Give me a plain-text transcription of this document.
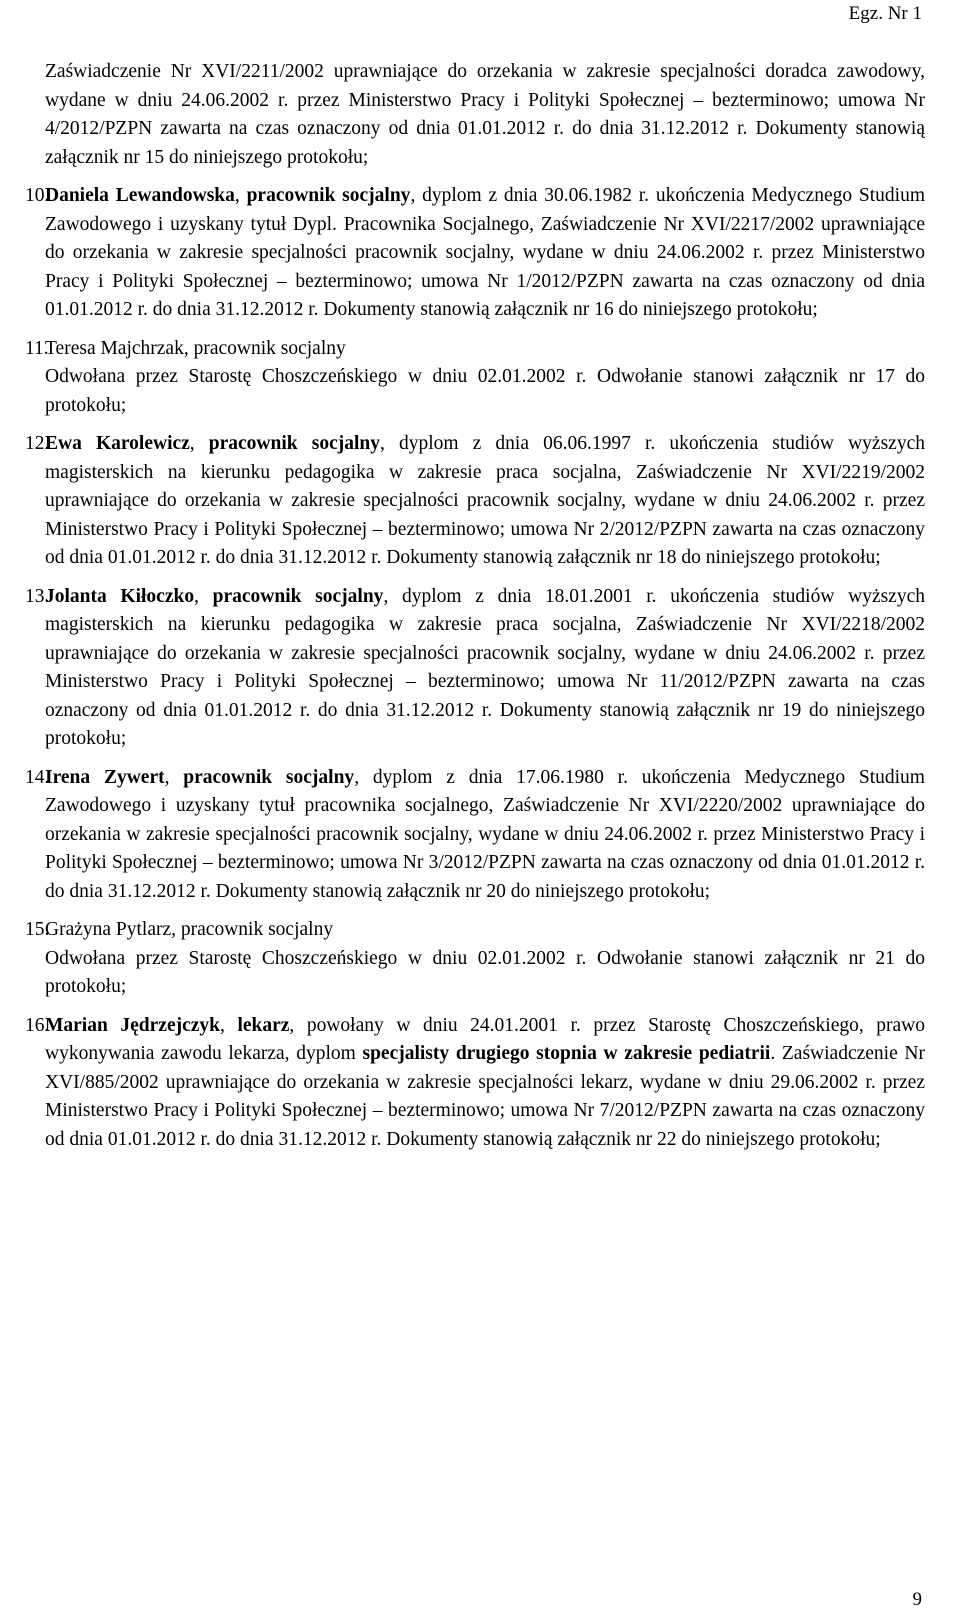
Egz. Nr 1

Zaświadczenie Nr XVI/2211/2002 uprawniające do orzekania w zakresie specjalności doradca zawodowy, wydane w dniu 24.06.2002 r. przez Ministerstwo Pracy i Polityki Społecznej – bezterminowo; umowa Nr 4/2012/PZPN zawarta na czas oznaczony od dnia 01.01.2012 r. do dnia 31.12.2012 r. Dokumenty stanowią załącznik nr 15 do niniejszego protokołu;

10.
Daniela Lewandowska, pracownik socjalny, dyplom z dnia 30.06.1982 r. ukończenia Medycznego Studium Zawodowego i uzyskany tytuł Dypl. Pracownika Socjalnego, Zaświadczenie Nr XVI/2217/2002 uprawniające do orzekania w zakresie specjalności pracownik socjalny, wydane w dniu 24.06.2002 r. przez Ministerstwo Pracy i Polityki Społecznej – bezterminowo; umowa Nr 1/2012/PZPN zawarta na czas oznaczony od dnia 01.01.2012 r. do dnia 31.12.2012 r. Dokumenty stanowią załącznik nr 16 do niniejszego protokołu;
11.

Teresa Majchrzak, pracownik socjalny

Odwołana przez Starostę Choszczeńskiego w dniu 02.01.2002 r. Odwołanie stanowi załącznik nr 17 do protokołu;

12.
Ewa Karolewicz, pracownik socjalny, dyplom z dnia 06.06.1997 r. ukończenia studiów wyższych magisterskich na kierunku pedagogika w zakresie praca socjalna, Zaświadczenie Nr XVI/2219/2002 uprawniające do orzekania w zakresie specjalności pracownik socjalny, wydane w dniu 24.06.2002 r. przez Ministerstwo Pracy i Polityki Społecznej – bezterminowo; umowa Nr 2/2012/PZPN zawarta na czas oznaczony od dnia 01.01.2012 r. do dnia 31.12.2012 r. Dokumenty stanowią załącznik nr 18 do niniejszego protokołu;
13.
Jolanta Kiłoczko, pracownik socjalny, dyplom z dnia 18.01.2001 r. ukończenia studiów wyższych magisterskich na kierunku pedagogika w zakresie praca socjalna, Zaświadczenie Nr XVI/2218/2002 uprawniające do orzekania w zakresie specjalności pracownik socjalny, wydane w dniu 24.06.2002 r. przez Ministerstwo Pracy i Polityki Społecznej – bezterminowo; umowa Nr 11/2012/PZPN zawarta na czas oznaczony od dnia 01.01.2012 r. do dnia 31.12.2012 r. Dokumenty stanowią załącznik nr 19 do niniejszego protokołu;
14.
Irena Zywert, pracownik socjalny, dyplom z dnia 17.06.1980 r. ukończenia Medycznego Studium Zawodowego i uzyskany tytuł pracownika socjalnego, Zaświadczenie Nr XVI/2220/2002 uprawniające do orzekania w zakresie specjalności pracownik socjalny, wydane w dniu 24.06.2002 r. przez Ministerstwo Pracy i Polityki Społecznej – bezterminowo; umowa Nr 3/2012/PZPN zawarta na czas oznaczony od dnia 01.01.2012 r. do dnia 31.12.2012 r. Dokumenty stanowią załącznik nr 20 do niniejszego protokołu;
15.

Grażyna Pytlarz, pracownik socjalny

Odwołana przez Starostę Choszczeńskiego w dniu 02.01.2002 r. Odwołanie stanowi załącznik nr 21 do protokołu;

16.
Marian Jędrzejczyk, lekarz, powołany w dniu 24.01.2001 r. przez Starostę Choszczeńskiego, prawo wykonywania zawodu lekarza, dyplom specjalisty drugiego stopnia w zakresie pediatrii. Zaświadczenie Nr XVI/885/2002 uprawniające do orzekania w zakresie specjalności lekarz, wydane w dniu 29.06.2002 r. przez Ministerstwo Pracy i Polityki Społecznej – bezterminowo; umowa Nr 7/2012/PZPN zawarta na czas oznaczony od dnia 01.01.2012 r. do dnia 31.12.2012 r. Dokumenty stanowią załącznik nr 22 do niniejszego protokołu;
9
